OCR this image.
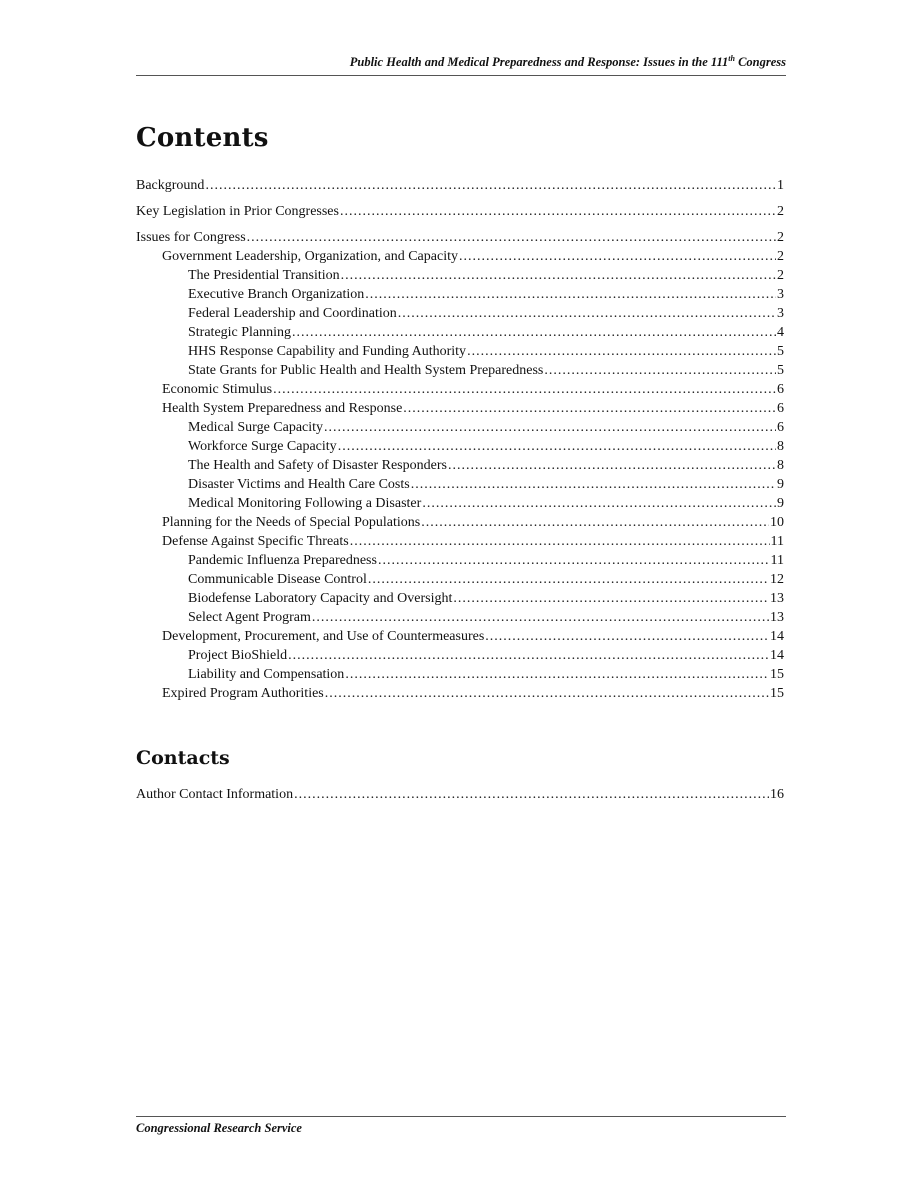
Public Health and Medical Preparedness and Response: Issues in the 111th Congress
Contents
Background .....	1
Key Legislation in Prior Congresses .....	2
Issues for Congress .....	2
Government Leadership, Organization, and Capacity .....	2
The Presidential Transition .....	2
Executive Branch Organization .....	3
Federal Leadership and Coordination .....	3
Strategic Planning .....	4
HHS Response Capability and Funding Authority .....	5
State Grants for Public Health and Health System Preparedness .....	5
Economic Stimulus .....	6
Health System Preparedness and Response .....	6
Medical Surge Capacity .....	6
Workforce Surge Capacity .....	8
The Health and Safety of Disaster Responders .....	8
Disaster Victims and Health Care Costs .....	9
Medical Monitoring Following a Disaster .....	9
Planning for the Needs of Special Populations .....	10
Defense Against Specific Threats .....	11
Pandemic Influenza Preparedness .....	11
Communicable Disease Control .....	12
Biodefense Laboratory Capacity and Oversight .....	13
Select Agent Program .....	13
Development, Procurement, and Use of Countermeasures .....	14
Project BioShield .....	14
Liability and Compensation .....	15
Expired Program Authorities .....	15
Contacts
Author Contact Information .....	16
Congressional Research Service
